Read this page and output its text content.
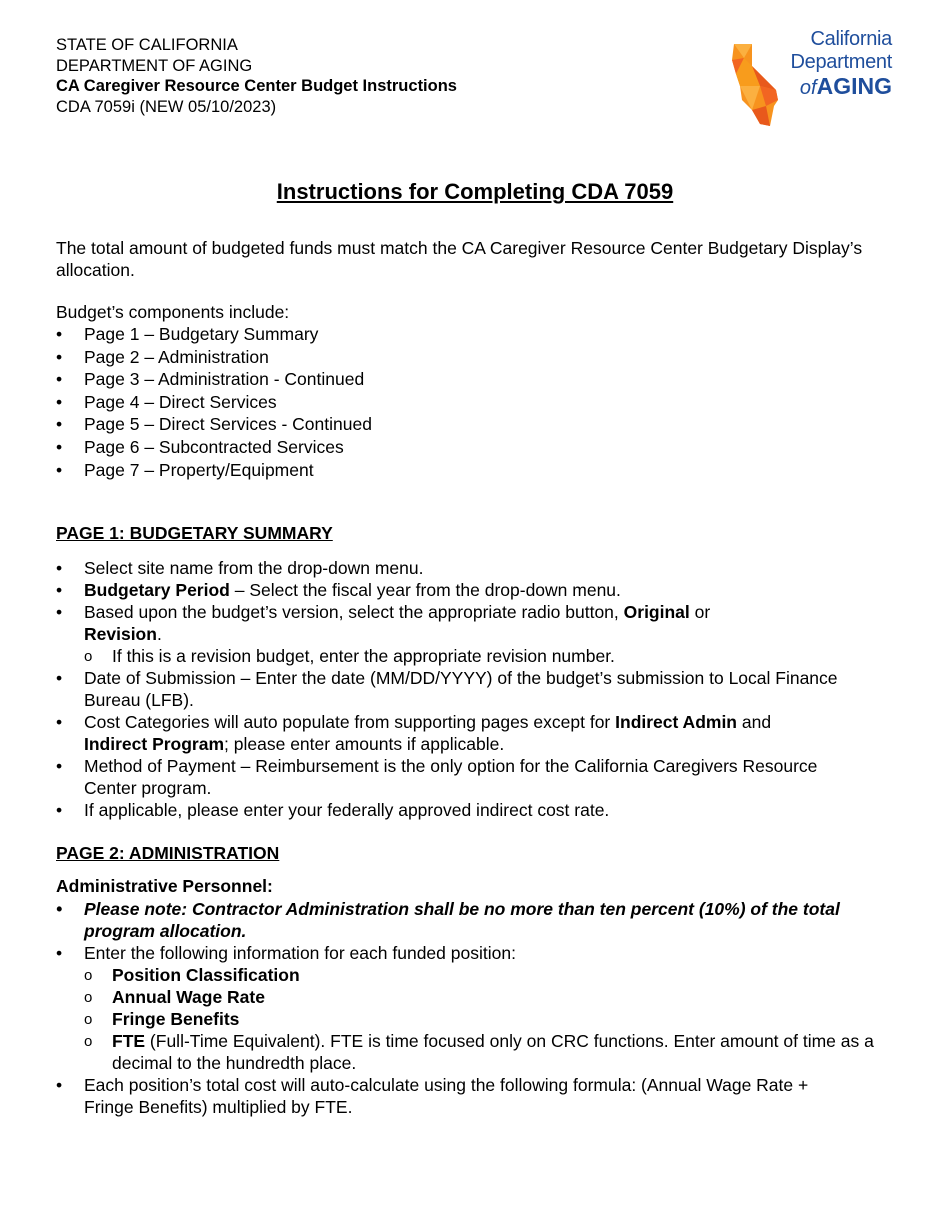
STATE OF CALIFORNIA
DEPARTMENT OF AGING
CA Caregiver Resource Center Budget Instructions
CDA 7059i (NEW 05/10/2023)
California
Department
ofAGING
Instructions for Completing CDA 7059
The total amount of budgeted funds must match the CA Caregiver Resource Center Budgetary Display’s allocation.
Budget’s components include:
• Page 1 – Budgetary Summary
• Page 2 – Administration
• Page 3 – Administration - Continued
• Page 4 – Direct Services
• Page 5 – Direct Services - Continued
• Page 6 – Subcontracted Services
• Page 7 – Property/Equipment
PAGE 1: BUDGETARY SUMMARY
• Select site name from the drop-down menu.
• Budgetary Period – Select the fiscal year from the drop-down menu.
• Based upon the budget’s version, select the appropriate radio button, Original or
Revision.
o If this is a revision budget, enter the appropriate revision number.
• Date of Submission – Enter the date (MM/DD/YYYY) of the budget’s submission to Local Finance Bureau (LFB).
• Cost Categories will auto populate from supporting pages except for Indirect Admin and
Indirect Program; please enter amounts if applicable.
• Method of Payment – Reimbursement is the only option for the California Caregivers Resource Center program.
• If applicable, please enter your federally approved indirect cost rate.
PAGE 2: ADMINISTRATION
Administrative Personnel:
• Please note: Contractor Administration shall be no more than ten percent (10%) of the total program allocation.
• Enter the following information for each funded position:
o Position Classification
o Annual Wage Rate
o Fringe Benefits
o FTE (Full-Time Equivalent). FTE is time focused only on CRC functions. Enter amount of time as a decimal to the hundredth place.
• Each position’s total cost will auto-calculate using the following formula: (Annual Wage Rate + Fringe Benefits) multiplied by FTE.
